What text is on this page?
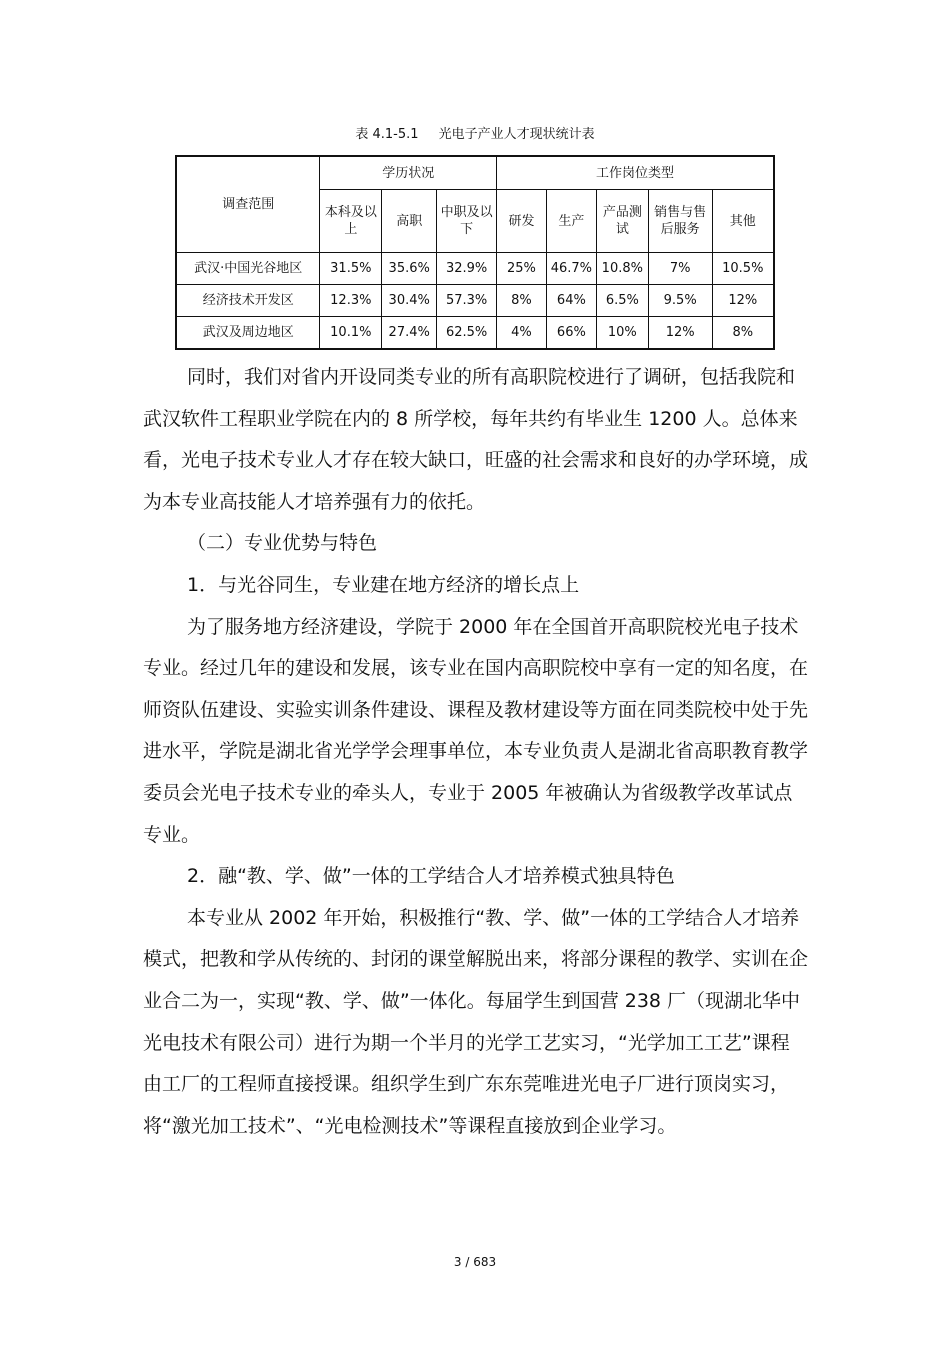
表 4.1-5.1 光电子产业人才现状统计表
调查范围	学历状况			工作岗位类型				
	本科及以上	高职	中职及以下	研发	生产	产品测试	销售与售后服务	其他
武汉·中国光谷地区	31.5%	35.6%	32.9%	25%	46.7%	10.8%	7%	10.5%
经济技术开发区	12.3%	30.4%	57.3%	8%	64%	6.5%	9.5%	12%
武汉及周边地区	10.1%	27.4%	62.5%	4%	66%	10%	12%	8%

同时，我们对省内开设同类专业的所有高职院校进行了调研，包括我院和武汉软件工程职业学院在内的 8 所学校，每年共约有毕业生 1200 人。总体来看，光电子技术专业人才存在较大缺口，旺盛的社会需求和良好的办学环境，成为本专业高技能人才培养强有力的依托。

（二）专业优势与特色

1．与光谷同生，专业建在地方经济的增长点上

为了服务地方经济建设，学院于 2000 年在全国首开高职院校光电子技术专业。经过几年的建设和发展，该专业在国内高职院校中享有一定的知名度，在师资队伍建设、实验实训条件建设、课程及教材建设等方面在同类院校中处于先进水平，学院是湖北省光学学会理事单位，本专业负责人是湖北省高职教育教学委员会光电子技术专业的牵头人，专业于 2005 年被确认为省级教学改革试点专业。

2．融“教、学、做”一体的工学结合人才培养模式独具特色

本专业从 2002 年开始，积极推行“教、学、做”一体的工学结合人才培养模式，把教和学从传统的、封闭的课堂解脱出来，将部分课程的教学、实训在企业合二为一，实现“教、学、做”一体化。每届学生到国营 238 厂（现湖北华中光电技术有限公司）进行为期一个半月的光学工艺实习，“光学加工工艺”课程由工厂的工程师直接授课。组织学生到广东东莞唯进光电子厂进行顶岗实习，将“激光加工技术”、“光电检测技术”等课程直接放到企业学习。

3 / 683
